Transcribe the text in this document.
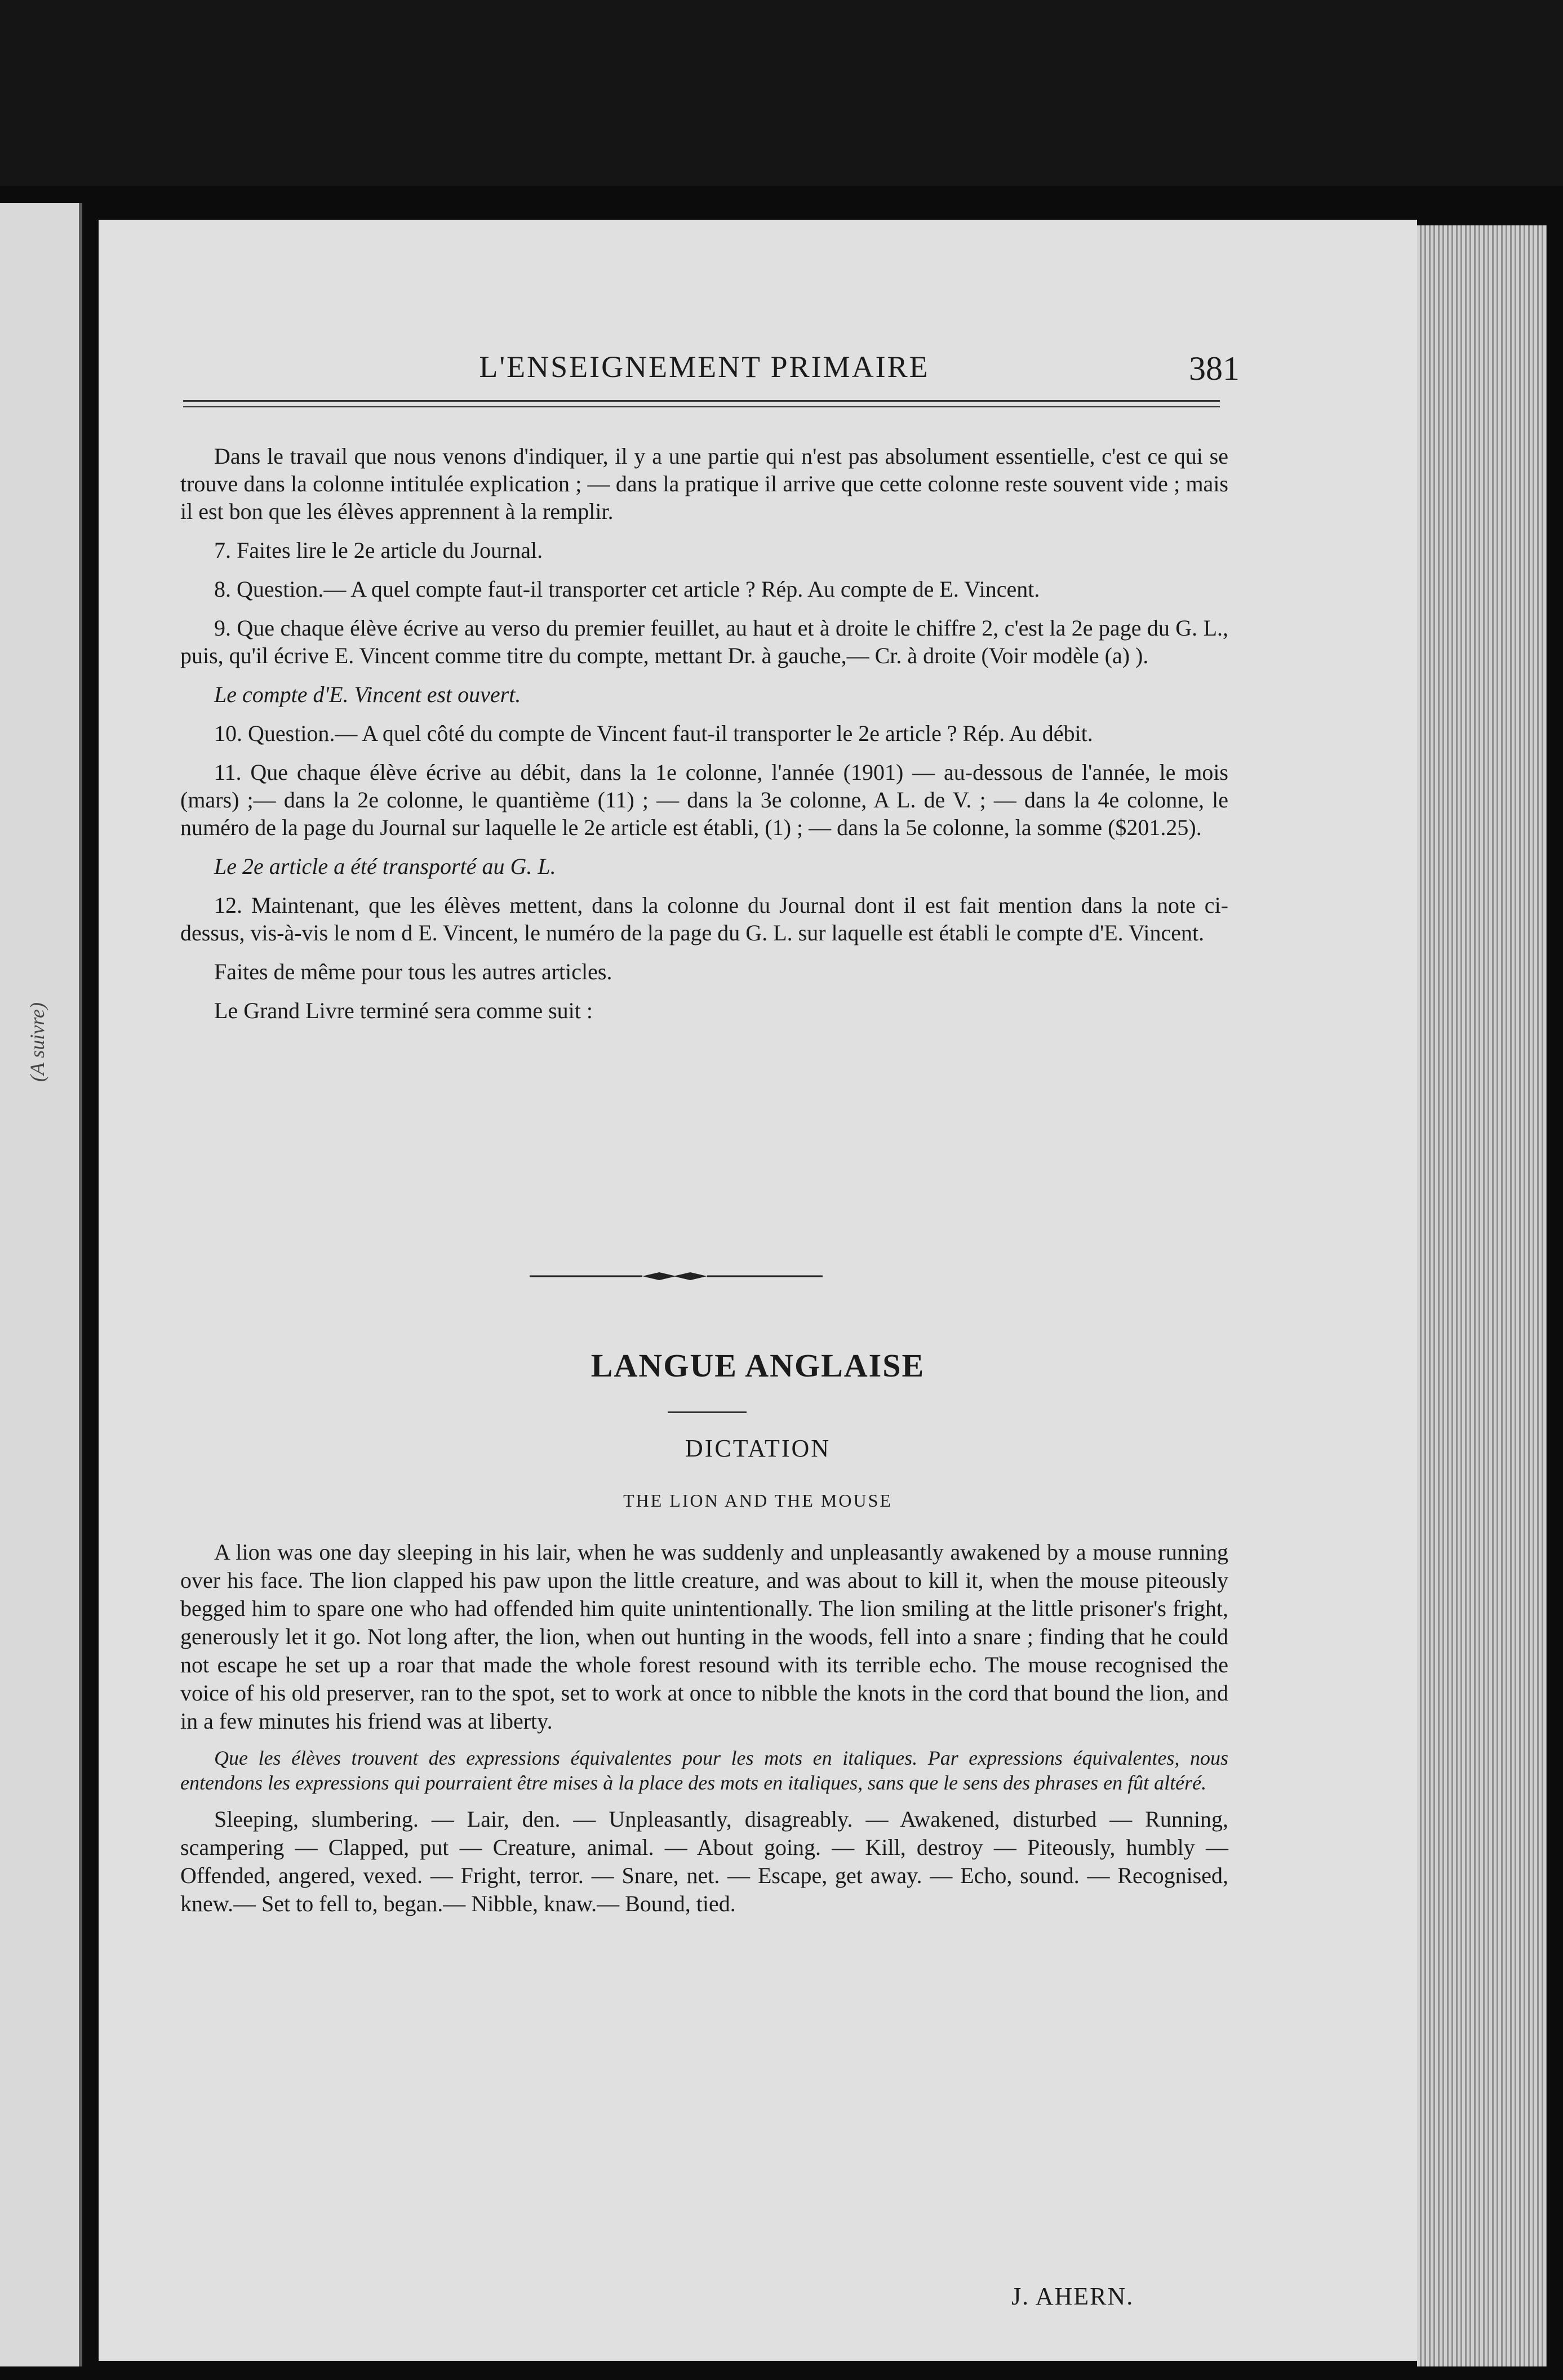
(A suivre)
L'ENSEIGNEMENT PRIMAIRE	381

Dans le travail que nous venons d'indiquer, il y a une partie qui n'est pas absolument essentielle, c'est ce qui se trouve dans la colonne intitulée explication ; — dans la pratique il arrive que cette colonne reste souvent vide ; mais il est bon que les élèves apprennent à la remplir.

7. Faites lire le 2e article du Journal.

8. Question.— A quel compte faut-il transporter cet article ? Rép. Au compte de E. Vincent.

9. Que chaque élève écrive au verso du premier feuillet, au haut et à droite le chiffre 2, c'est la 2e page du G. L., puis, qu'il écrive E. Vincent comme titre du compte, mettant Dr. à gauche,— Cr. à droite (Voir modèle (a) ).

Le compte d'E. Vincent est ouvert.

10. Question.— A quel côté du compte de Vincent faut-il transporter le 2e article ? Rép. Au débit.

11. Que chaque élève écrive au débit, dans la 1e colonne, l'année (1901) — au-dessous de l'année, le mois (mars) ;— dans la 2e colonne, le quantième (11) ; — dans la 3e colonne, A L. de V. ; — dans la 4e colonne, le numéro de la page du Journal sur laquelle le 2e article est établi, (1) ; — dans la 5e colonne, la somme ($201.25).

Le 2e article a été transporté au G. L.

12. Maintenant, que les élèves mettent, dans la colonne du Journal dont il est fait mention dans la note ci-dessus, vis-à-vis le nom d E. Vincent, le numéro de la page du G. L. sur laquelle est établi le compte d'E. Vincent.

Faites de même pour tous les autres articles.

Le Grand Livre terminé sera comme suit :

LANGUE ANGLAISE
DICTATION
THE LION AND THE MOUSE

A lion was one day sleeping in his lair, when he was suddenly and unpleasantly awakened by a mouse running over his face. The lion clapped his paw upon the little creature, and was about to kill it, when the mouse piteously begged him to spare one who had offended him quite unintentionally. The lion smiling at the little prisoner's fright, generously let it go. Not long after, the lion, when out hunting in the woods, fell into a snare ; finding that he could not escape he set up a roar that made the whole forest resound with its terrible echo. The mouse recognised the voice of his old preserver, ran to the spot, set to work at once to nibble the knots in the cord that bound the lion, and in a few minutes his friend was at liberty.

Que les élèves trouvent des expressions équivalentes pour les mots en italiques. Par expressions équivalentes, nous entendons les expressions qui pourraient être mises à la place des mots en italiques, sans que le sens des phrases en fût altéré.

Sleeping, slumbering. — Lair, den. — Unpleasantly, disagreably. — Awakened, disturbed — Running, scampering — Clapped, put — Creature, animal. — About going. — Kill, destroy — Piteously, humbly — Offended, angered, vexed. — Fright, terror. — Snare, net. — Escape, get away. — Echo, sound. — Recognised, knew.— Set to fell to, began.— Nibble, knaw.— Bound, tied.

J. AHERN.
